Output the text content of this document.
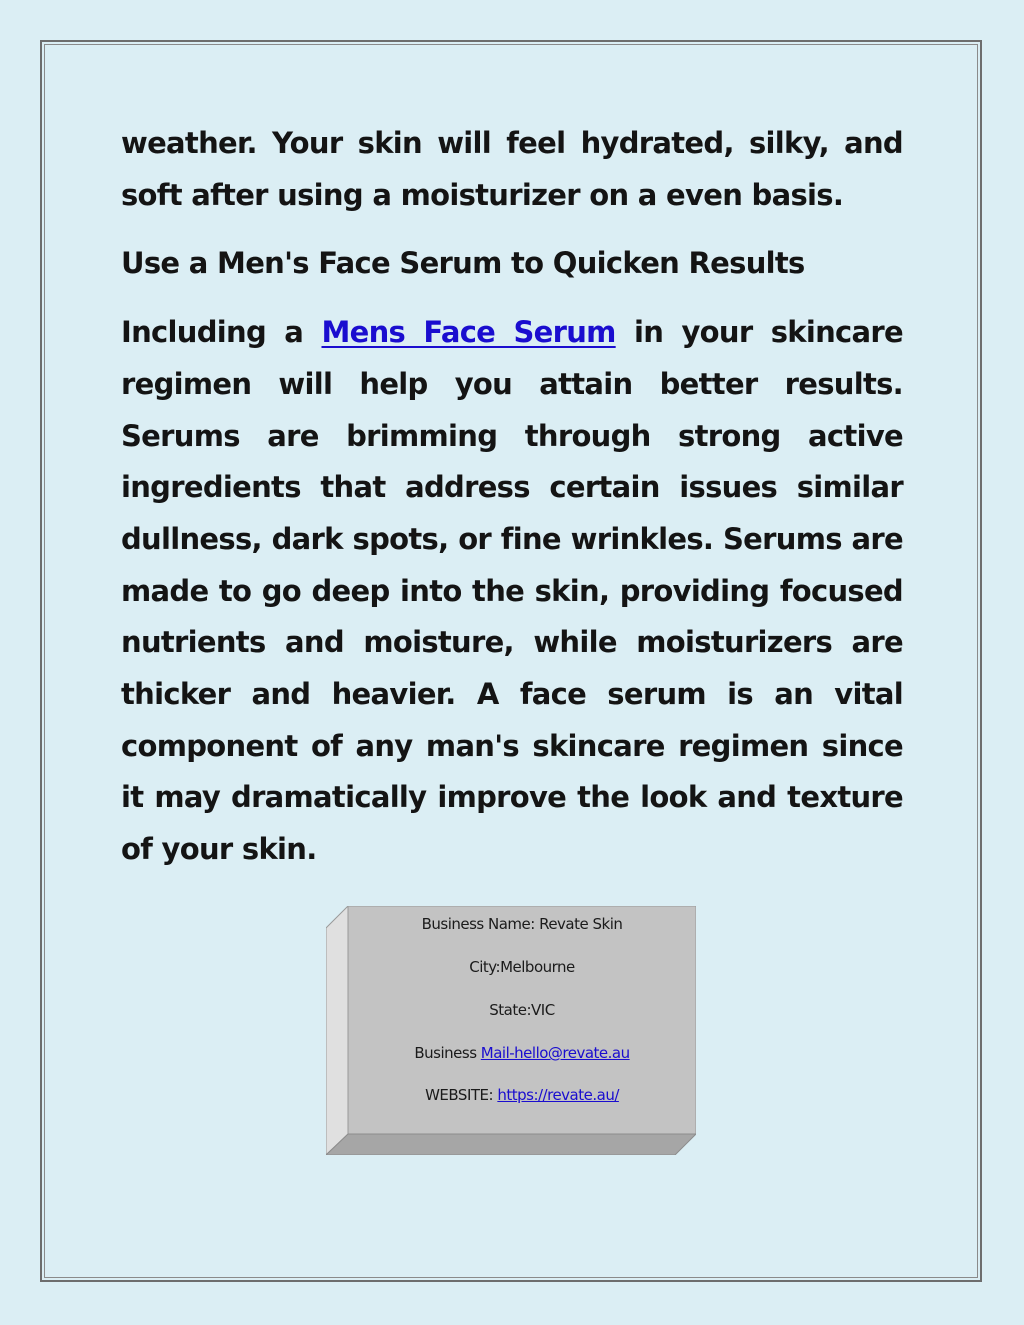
weather. Your skin will feel hydrated, silky, and soft after using a moisturizer on a even basis.

Use a Men's Face Serum to Quicken Results

Including a Mens Face Serum in your skincare regimen will help you attain better results. Serums are brimming through strong active ingredients that address certain issues similar dullness, dark spots, or fine wrinkles. Serums are made to go deep into the skin, providing focused nutrients and moisture, while moisturizers are thicker and heavier. A face serum is an vital component of any man's skincare regimen since it may dramatically improve the look and texture of your skin.

Business Name: Revate Skin
City:Melbourne
State:VIC
Business Mail-hello@revate.au
WEBSITE: https://revate.au/
